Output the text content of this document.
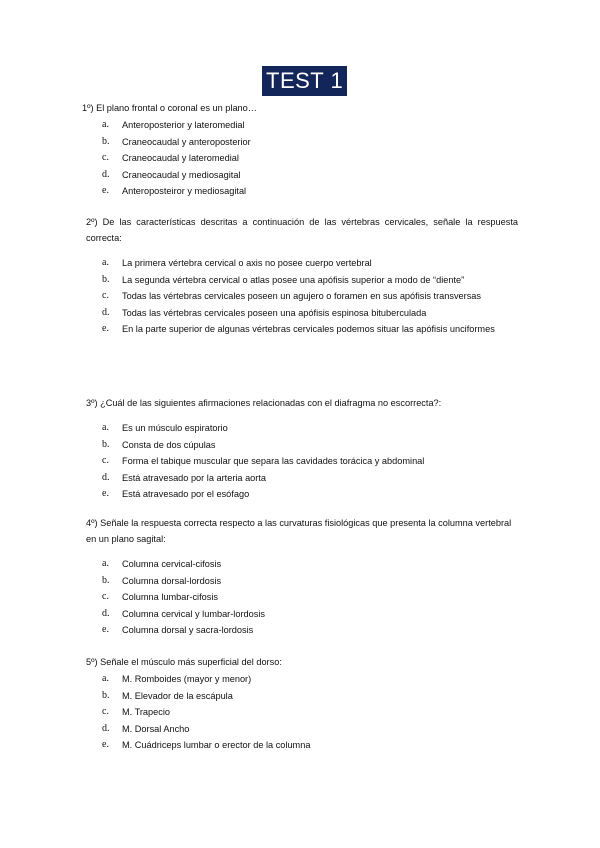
TEST 1

1º) El plano frontal o coronal es un plano…

a. Anteroposterior y lateromedial
b. Craneocaudal y anteroposterior
c. Craneocaudal y lateromedial
d. Craneocaudal y mediosagital
e. Anteroposteiror y mediosagital

2º) De las características descritas a continuación de las vértebras cervicales, señale la respuesta correcta:

a. La primera vértebra cervical o axis no posee cuerpo vertebral
b. La segunda vértebra cervical o atlas posee una apófisis superior a modo de “diente”
c. Todas las vértebras cervicales poseen un agujero o foramen en sus apófisis transversas
d. Todas las vértebras cervicales poseen una apófisis espinosa bituberculada
e. En la parte superior de algunas vértebras cervicales podemos situar las apófisis unciformes

3º) ¿Cuál de las siguientes afirmaciones relacionadas con el diafragma no escorrecta?:

a. Es un músculo espiratorio
b. Consta de dos cúpulas
c. Forma el tabique muscular que separa las cavidades torácica y abdominal
d. Está atravesado por la arteria aorta
e. Está atravesado por el esófago

4º) Señale la respuesta correcta respecto a las curvaturas fisiológicas que presenta la columna vertebral en un plano sagital:

a. Columna cervical-cifosis
b. Columna dorsal-lordosis
c. Columna lumbar-cifosis
d. Columna cervical y lumbar-lordosis
e. Columna dorsal y sacra-lordosis

5º) Señale el músculo más superficial del dorso:

a. M. Romboides (mayor y menor)
b. M. Elevador de la escápula
c. M. Trapecio
d. M. Dorsal Ancho
e. M. Cuádriceps lumbar o erector de la columna
